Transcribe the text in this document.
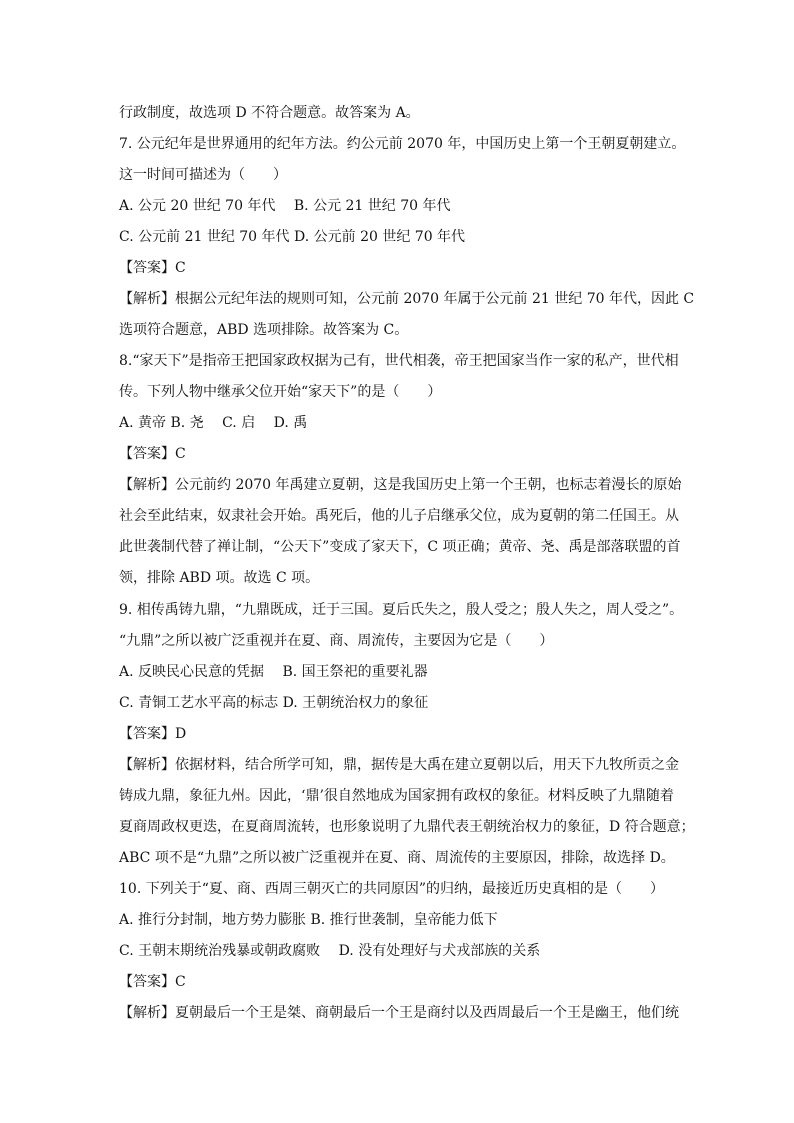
行政制度，故选项 D 不符合题意。故答案为 A。
7. 公元纪年是世界通用的纪年方法。约公元前 2070 年，中国历史上第一个王朝夏朝建立。
这一时间可描述为（　　）
A. 公元 20 世纪 70 年代　 B. 公元 21 世纪 70 年代
C. 公元前 21 世纪 70 年代 D. 公元前 20 世纪 70 年代
【答案】C
【解析】根据公元纪年法的规则可知，公元前 2070 年属于公元前 21 世纪 70 年代，因此 C
选项符合题意，ABD 选项排除。故答案为 C。
8.“家天下”是指帝王把国家政权据为己有，世代相袭，帝王把国家当作一家的私产，世代相
传。下列人物中继承父位开始“家天下”的是（　　）
A. 黄帝 B. 尧　 C. 启　 D. 禹
【答案】C
【解析】公元前约 2070 年禹建立夏朝，这是我国历史上第一个王朝，也标志着漫长的原始
社会至此结束，奴隶社会开始。禹死后，他的儿子启继承父位，成为夏朝的第二任国王。从
此世袭制代替了禅让制，“公天下”变成了家天下，C 项正确；黄帝、尧、禹是部落联盟的首
领，排除 ABD 项。故选 C 项。
9. 相传禹铸九鼎，“九鼎既成，迁于三国。夏后氏失之，殷人受之；殷人失之，周人受之”。
“九鼎”之所以被广泛重视并在夏、商、周流传，主要因为它是（　　）
A. 反映民心民意的凭据　 B. 国王祭祀的重要礼器
C. 青铜工艺水平高的标志 D. 王朝统治权力的象征
【答案】D
【解析】依据材料，结合所学可知，鼎，据传是大禹在建立夏朝以后，用天下九牧所贡之金
铸成九鼎，象征九州。因此，‘鼎’很自然地成为国家拥有政权的象征。材料反映了九鼎随着
夏商周政权更迭，在夏商周流转，也形象说明了九鼎代表王朝统治权力的象征，D 符合题意；
ABC 项不是“九鼎”之所以被广泛重视并在夏、商、周流传的主要原因，排除，故选择 D。
10. 下列关于“夏、商、西周三朝灭亡的共同原因”的归纳，最接近历史真相的是（　　）
A. 推行分封制，地方势力膨胀 B. 推行世袭制，皇帝能力低下
C. 王朝末期统治残暴或朝政腐败　 D. 没有处理好与犬戎部族的关系
【答案】C
【解析】夏朝最后一个王是桀、商朝最后一个王是商纣以及西周最后一个王是幽王，他们统
